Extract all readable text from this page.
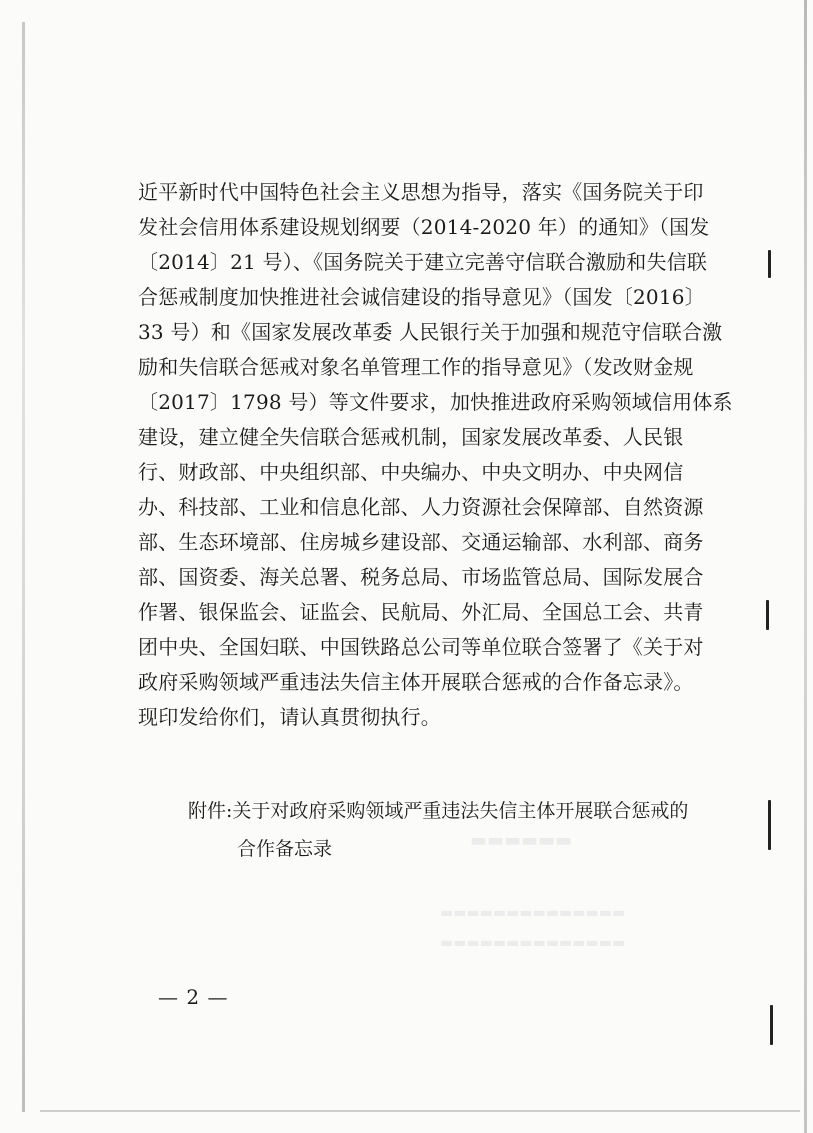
▬▬▬▬▬▬
▬▬▬▬▬▬▬▬▬▬▬▬▬▬
▬▬▬▬▬▬▬▬▬▬▬▬▬▬
近平新时代中国特色社会主义思想为指导，落实《国务院关于印
发社会信用体系建设规划纲要（2014-2020 年）的通知》（国发
〔2014〕21 号）、《国务院关于建立完善守信联合激励和失信联
合惩戒制度加快推进社会诚信建设的指导意见》（国发〔2016〕
33 号）和《国家发展改革委 人民银行关于加强和规范守信联合激
励和失信联合惩戒对象名单管理工作的指导意见》（发改财金规
〔2017〕1798 号）等文件要求，加快推进政府采购领域信用体系
建设，建立健全失信联合惩戒机制，国家发展改革委、人民银
行、财政部、中央组织部、中央编办、中央文明办、中央网信
办、科技部、工业和信息化部、人力资源社会保障部、自然资源
部、生态环境部、住房城乡建设部、交通运输部、水利部、商务
部、国资委、海关总署、税务总局、市场监管总局、国际发展合
作署、银保监会、证监会、民航局、外汇局、全国总工会、共青
团中央、全国妇联、中国铁路总公司等单位联合签署了《关于对
政府采购领域严重违法失信主体开展联合惩戒的合作备忘录》。
现印发给你们，请认真贯彻执行。
附件:关于对政府采购领域严重违法失信主体开展联合惩戒的
合作备忘录
— 2 —
